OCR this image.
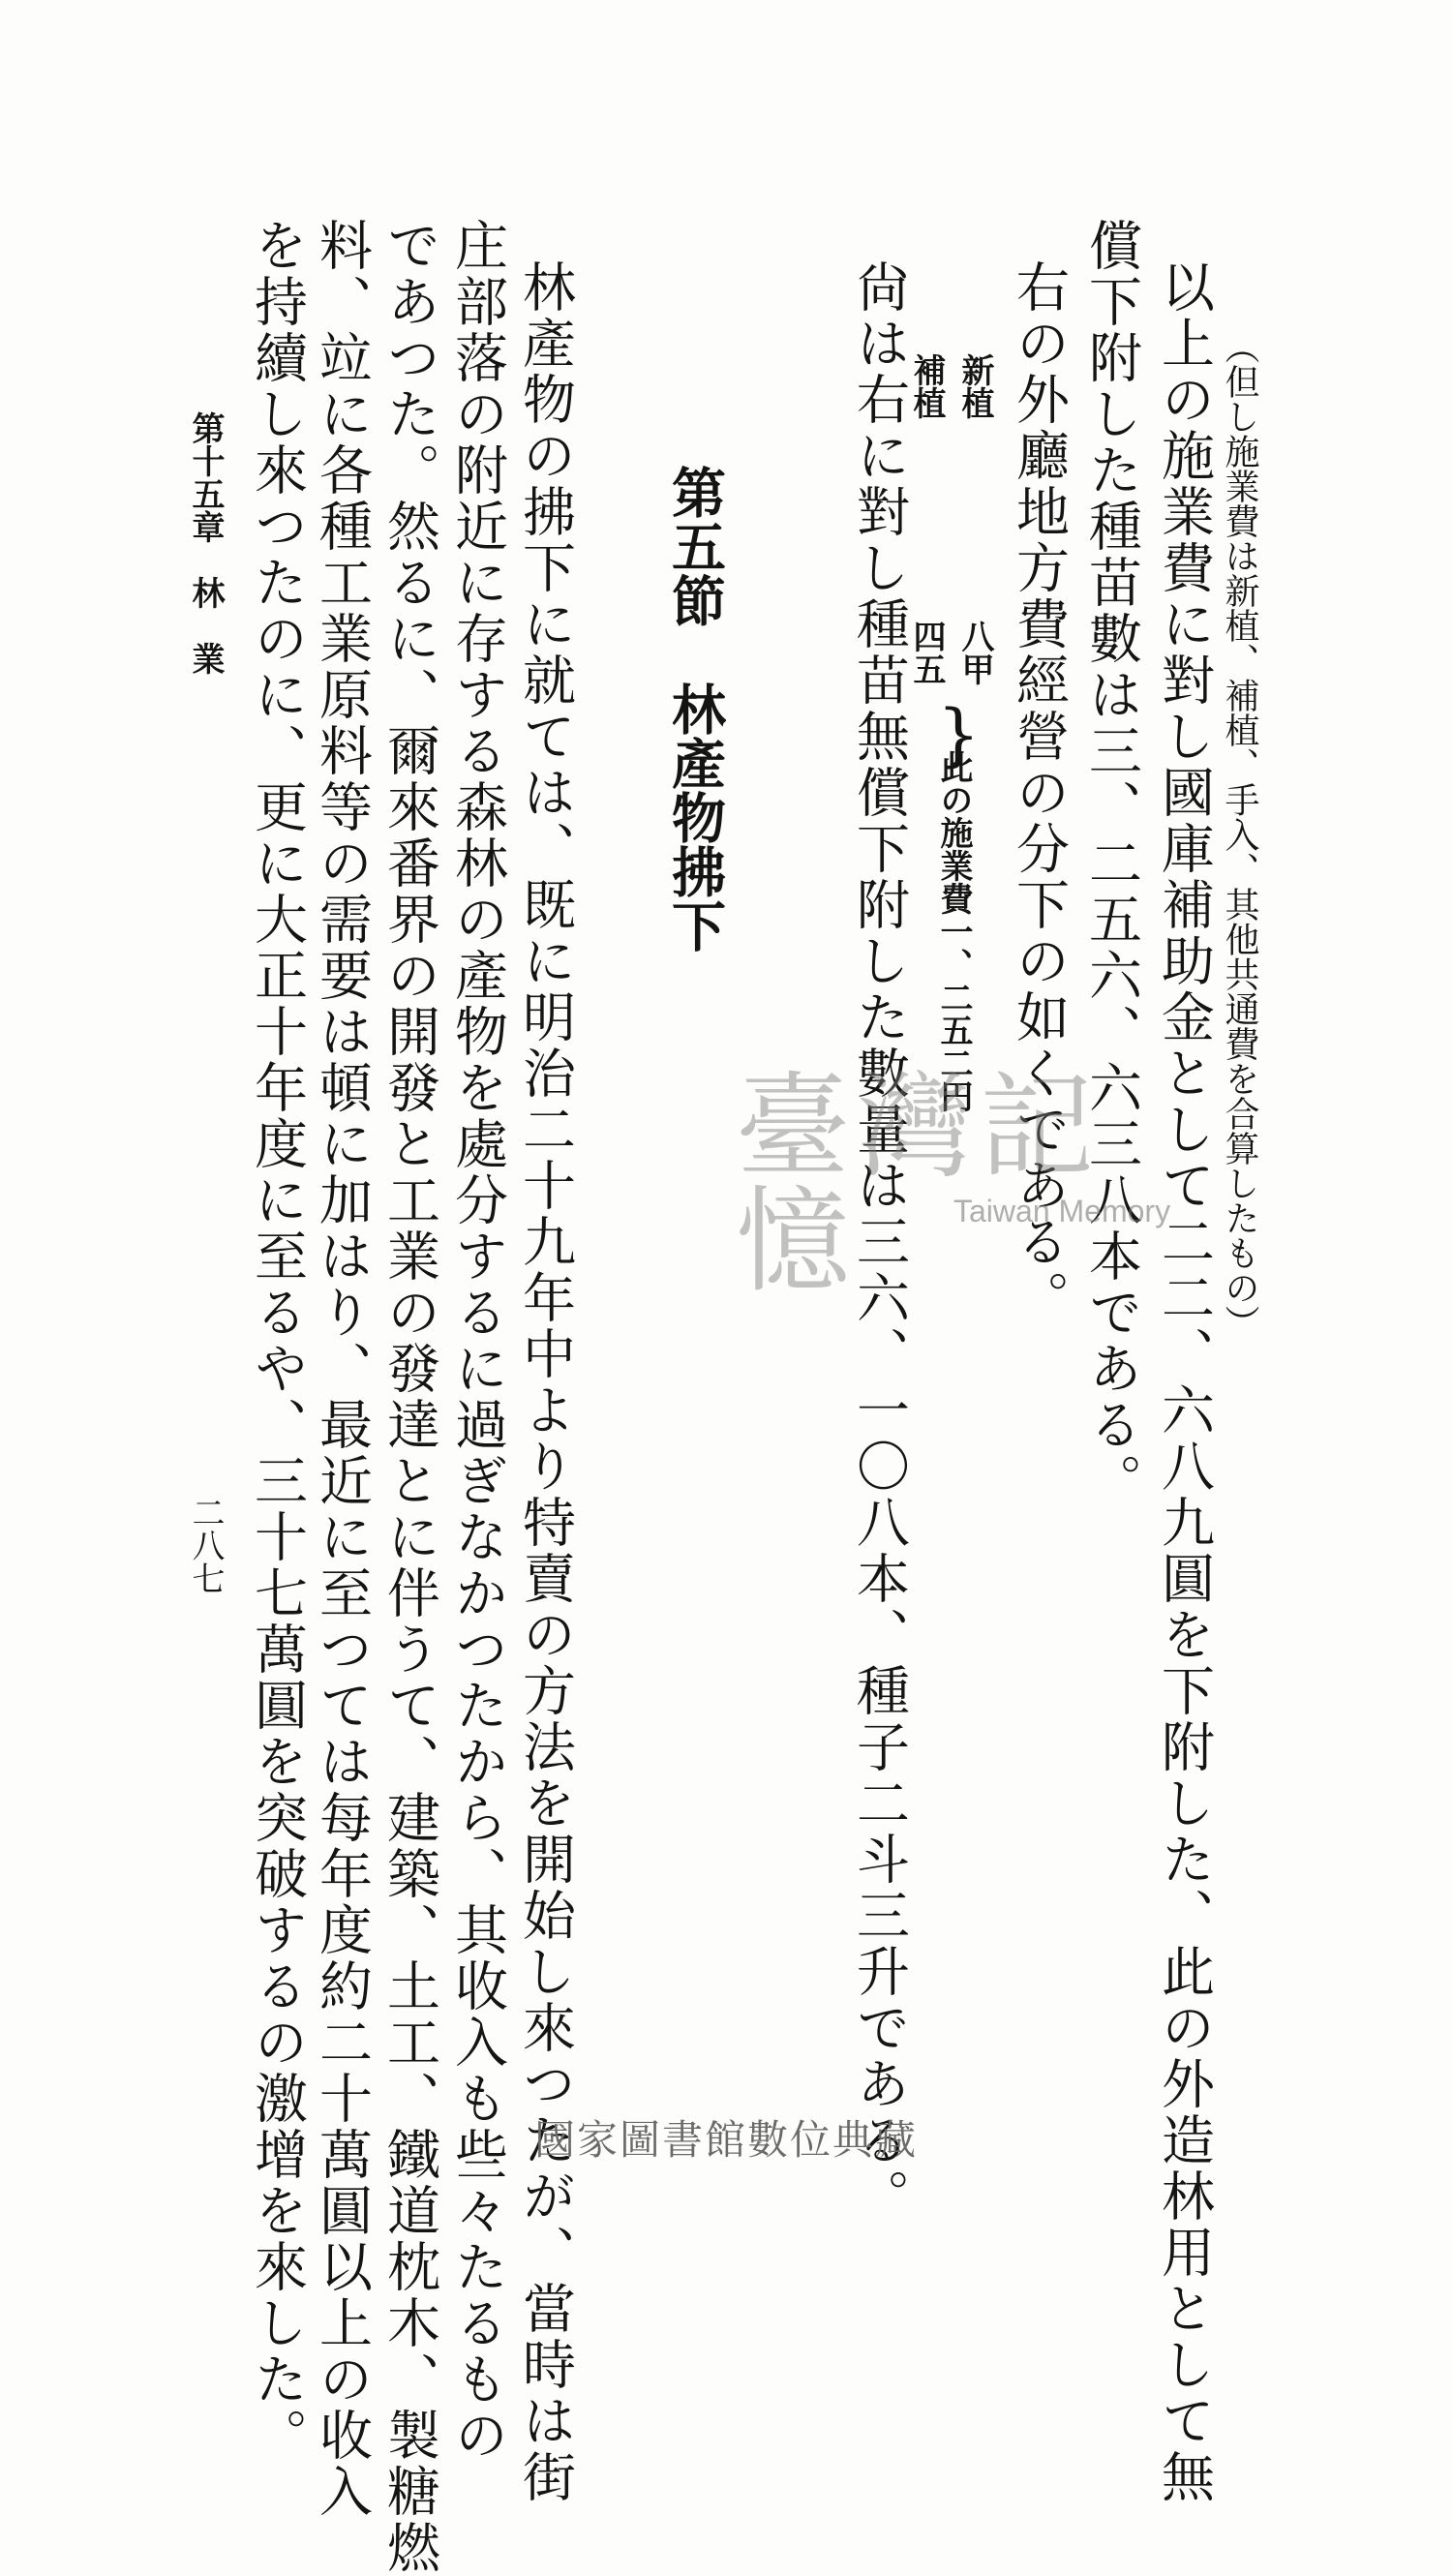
（但し施業費は新植、補植、手入、其他共通費を合算したもの）
以上の施業費に對し國庫補助金として二二、六八九圓を下附した、此の外造林用として無
償下附した種苗數は三、二五六、六三八本である。
右の外廳地方費經營の分下の如くである。
新植
補植
八甲
四五
}
此の施業費一、二五二円
尙は右に對し種苗無償下附した數量は三六、一〇八本、種子二斗三升である。
第五節　林產物拂下
林產物の拂下に就ては、既に明治二十九年中より特賣の方法を開始し來つたが、當時は街
庄部落の附近に存する森林の產物を處分するに過ぎなかつたから、其收入も些々たるもの
であつた。然るに、爾來番界の開發と工業の發達とに伴うて、建築、土工、鐵道枕木、製糖燃
料、竝に各種工業原料等の需要は頓に加はり、最近に至つては每年度約二十萬圓以上の收入
を持續し來つたのに、更に大正十年度に至るや、三十七萬圓を突破するの激增を來した。
第十五章　林　業
二八七
臺灣記憶	Taiwan Memory
國家圖書館數位典藏
